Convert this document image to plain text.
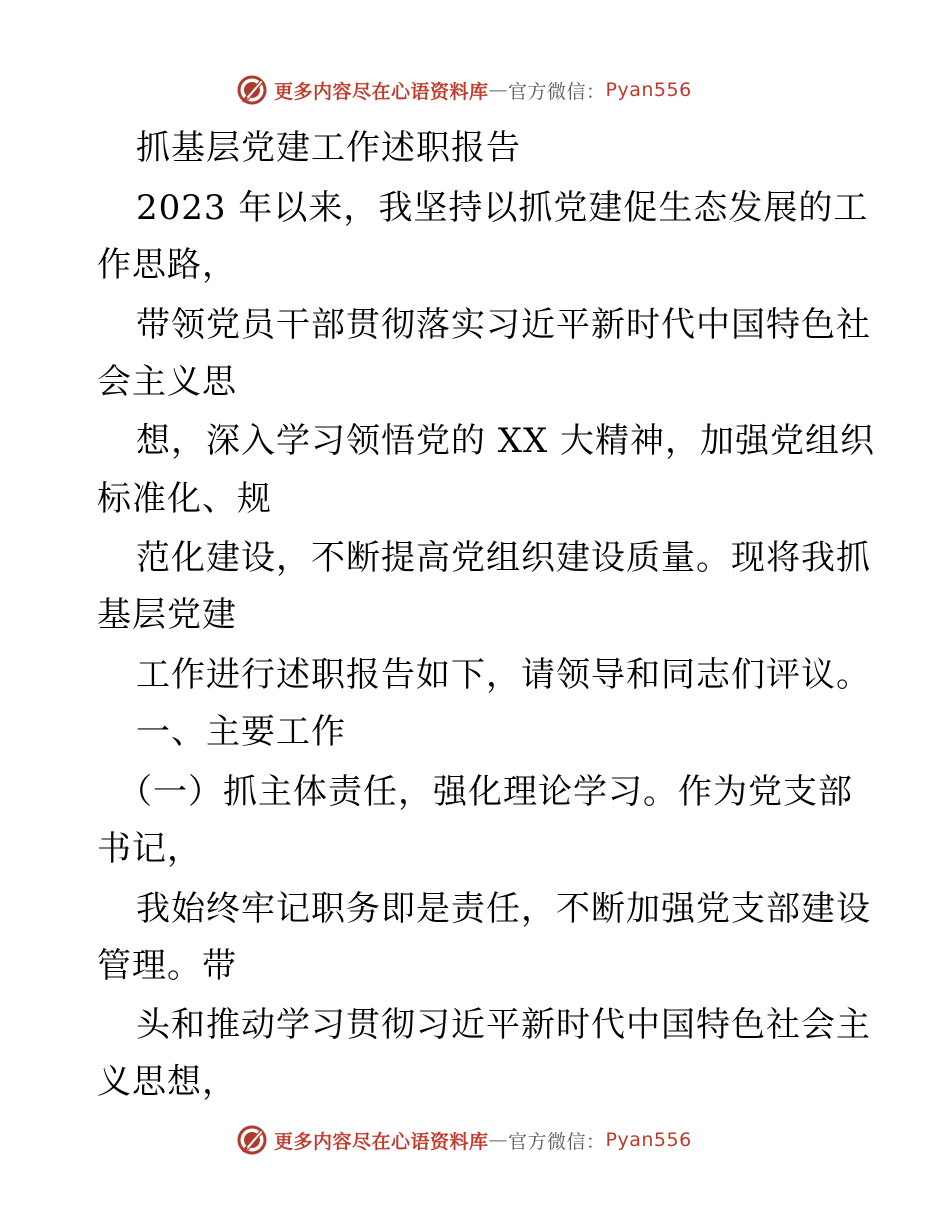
更多内容尽在心语资料库 — 官方微信： Pyan556
抓基层党建工作述职报告
2023 年以来，我坚持以抓党建促生态发展的工
作思路，
带领党员干部贯彻落实习近平新时代中国特色社
会主义思
想，深入学习领悟党的 XX 大精神，加强党组织
标准化、规
范化建设，不断提高党组织建设质量。现将我抓
基层党建
工作进行述职报告如下，请领导和同志们评议。
一、主要工作
（一）抓主体责任，强化理论学习。作为党支部
书记，
我始终牢记职务即是责任，不断加强党支部建设
管理。带
头和推动学习贯彻习近平新时代中国特色社会主
义思想，
更多内容尽在心语资料库 — 官方微信： Pyan556
